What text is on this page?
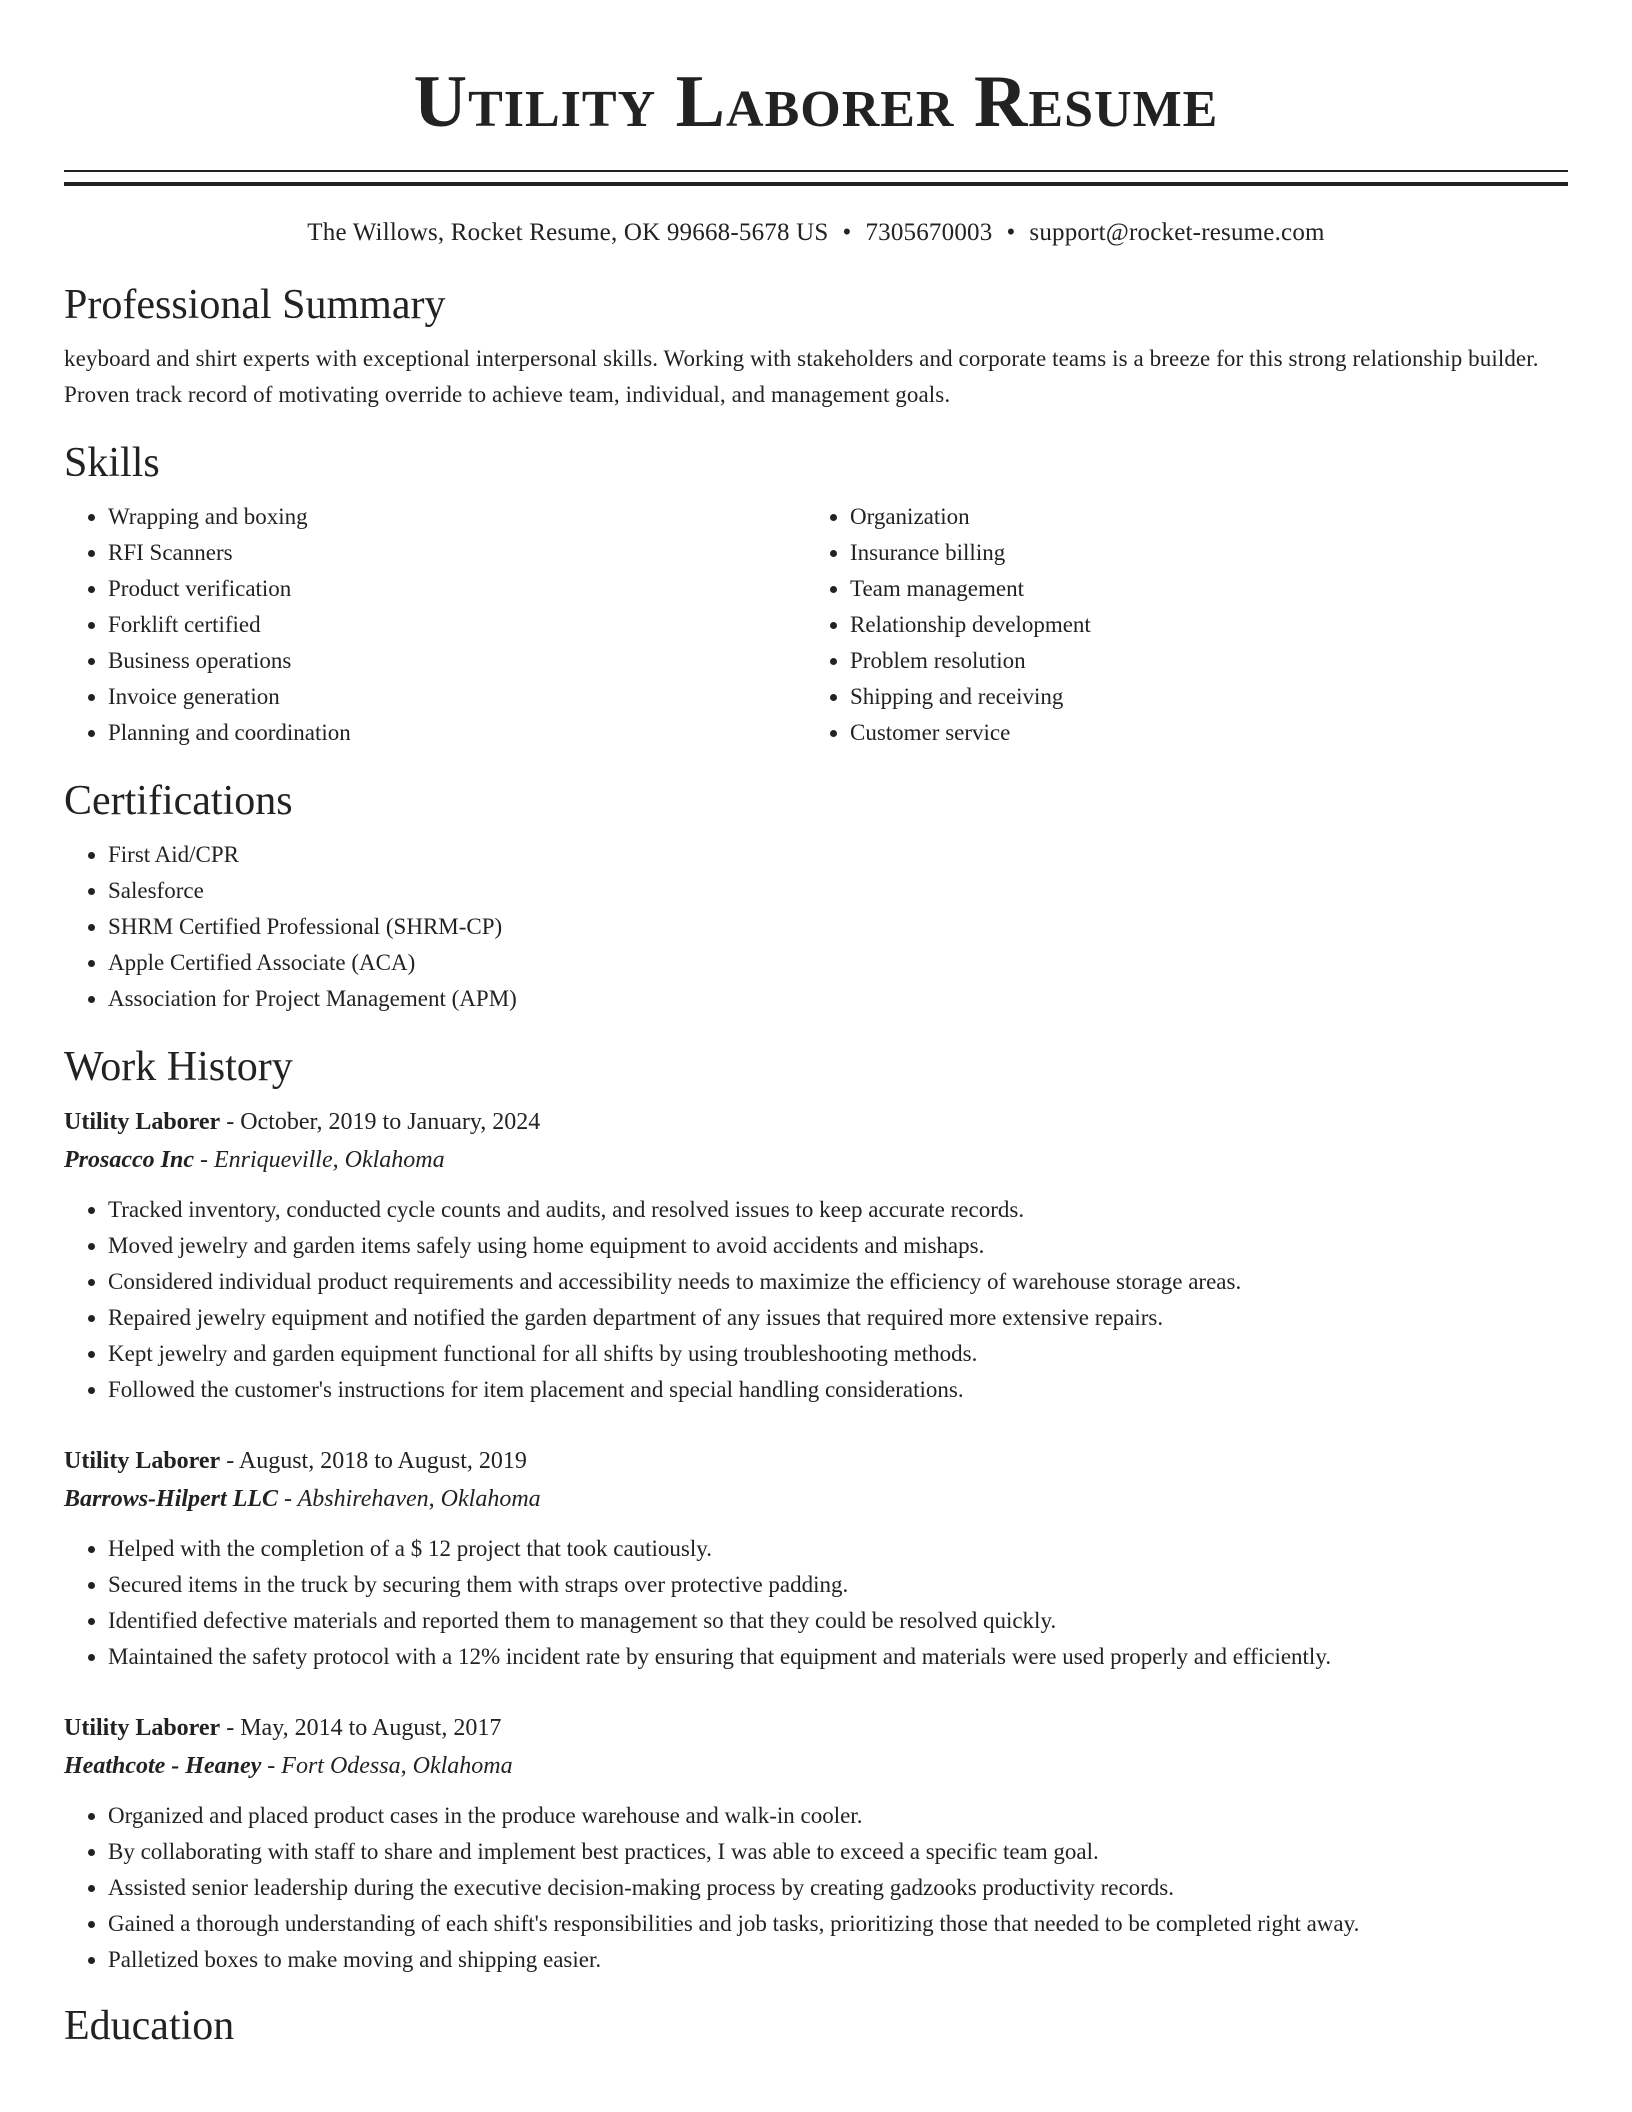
Utility Laborer Resume
The Willows, Rocket Resume, OK 99668-5678 US • 7305670003 • support@rocket-resume.com
Professional Summary

keyboard and shirt experts with exceptional interpersonal skills. Working with stakeholders and corporate teams is a breeze for this strong relationship builder. Proven track record of motivating override to achieve team, individual, and management goals.

Skills
• Wrapping and boxing
• RFI Scanners
• Product verification
• Forklift certified
• Business operations
• Invoice generation
• Planning and coordination
• Organization
• Insurance billing
• Team management
• Relationship development
• Problem resolution
• Shipping and receiving
• Customer service
Certifications
• First Aid/CPR
• Salesforce
• SHRM Certified Professional (SHRM-CP)
• Apple Certified Associate (ACA)
• Association for Project Management (APM)
Work History
Utility Laborer - October, 2019 to January, 2024
Prosacco Inc - Enriqueville, Oklahoma
• Tracked inventory, conducted cycle counts and audits, and resolved issues to keep accurate records.
• Moved jewelry and garden items safely using home equipment to avoid accidents and mishaps.
• Considered individual product requirements and accessibility needs to maximize the efficiency of warehouse storage areas.
• Repaired jewelry equipment and notified the garden department of any issues that required more extensive repairs.
• Kept jewelry and garden equipment functional for all shifts by using troubleshooting methods.
• Followed the customer's instructions for item placement and special handling considerations.
Utility Laborer - August, 2018 to August, 2019
Barrows-Hilpert LLC - Abshirehaven, Oklahoma
• Helped with the completion of a $ 12 project that took cautiously.
• Secured items in the truck by securing them with straps over protective padding.
• Identified defective materials and reported them to management so that they could be resolved quickly.
• Maintained the safety protocol with a 12% incident rate by ensuring that equipment and materials were used properly and efficiently.
Utility Laborer - May, 2014 to August, 2017
Heathcote - Heaney - Fort Odessa, Oklahoma
• Organized and placed product cases in the produce warehouse and walk-in cooler.
• By collaborating with staff to share and implement best practices, I was able to exceed a specific team goal.
• Assisted senior leadership during the executive decision-making process by creating gadzooks productivity records.
• Gained a thorough understanding of each shift's responsibilities and job tasks, prioritizing those that needed to be completed right away.
• Palletized boxes to make moving and shipping easier.
Education
